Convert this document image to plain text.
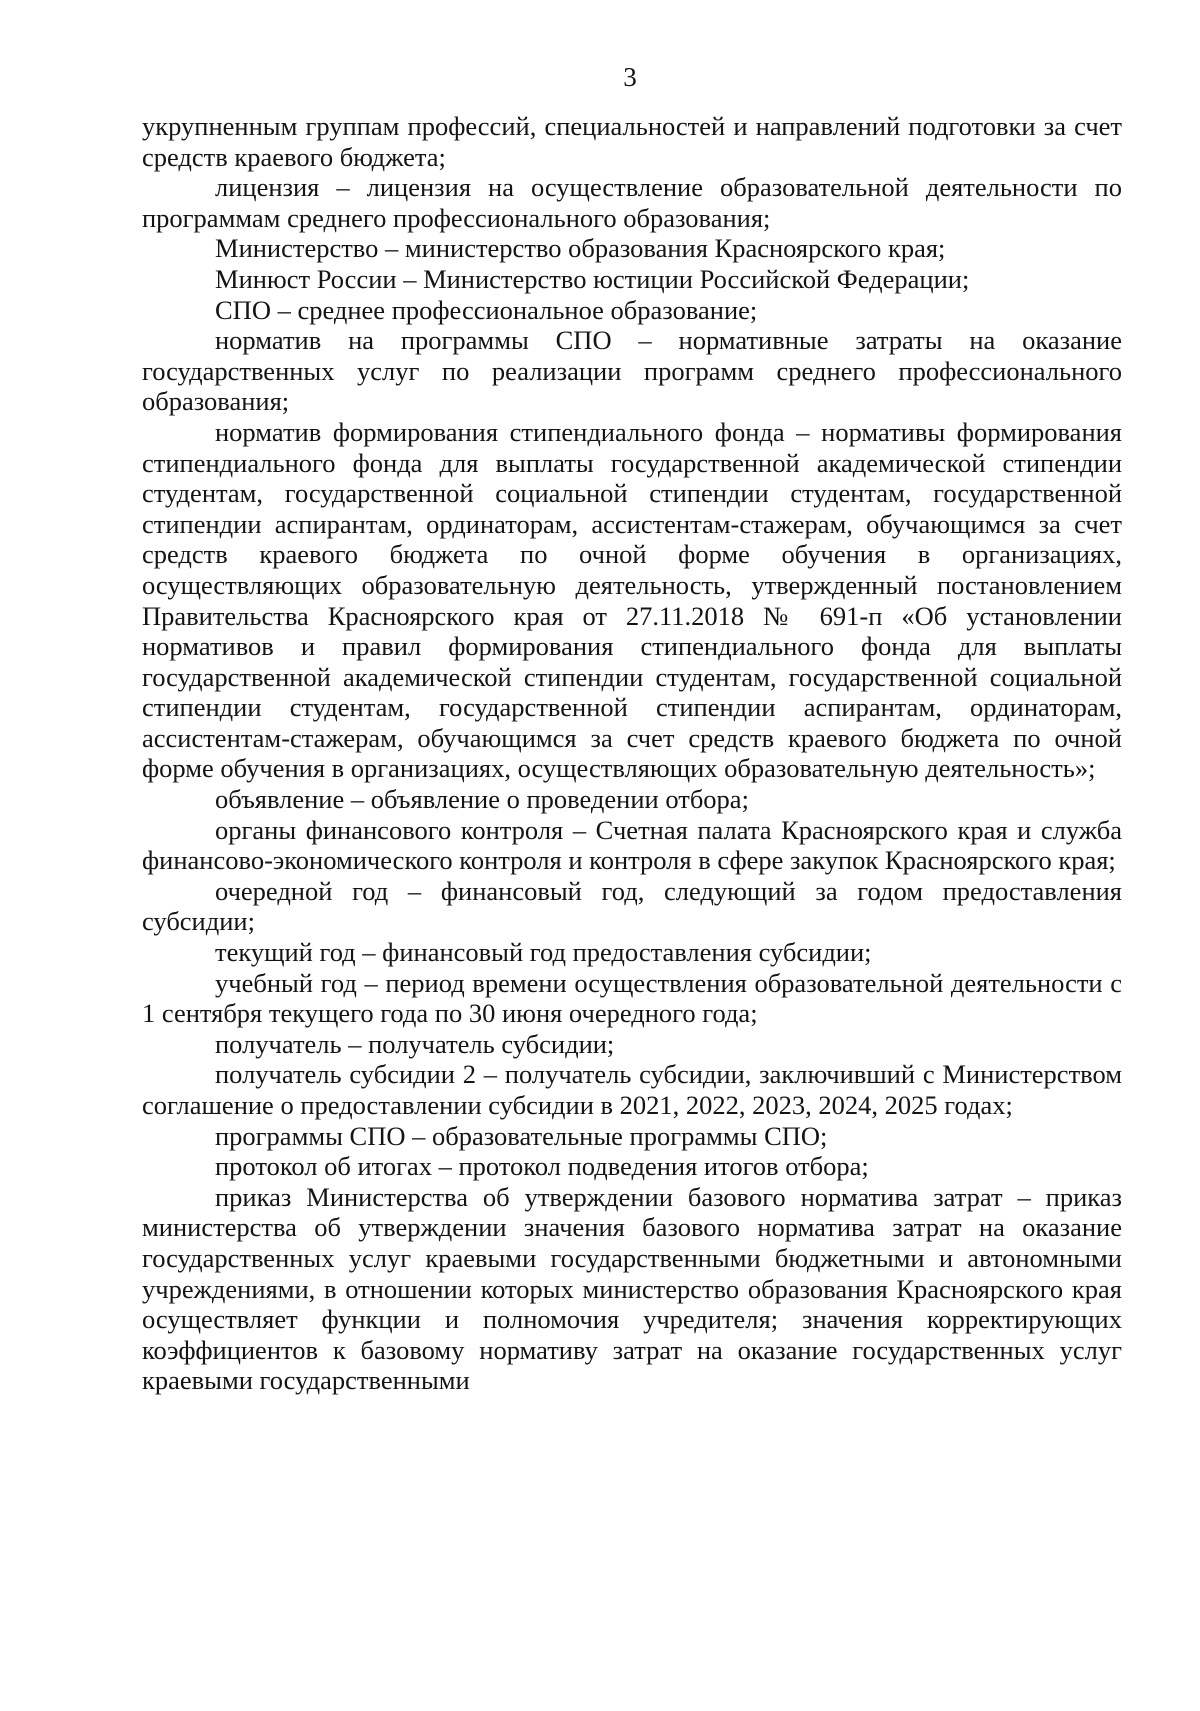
3

укрупненным группам профессий, специальностей и направлений подготовки за счет средств краевого бюджета;

лицензия – лицензия на осуществление образовательной деятельности по программам среднего профессионального образования;

Министерство – министерство образования Красноярского края;

Минюст России – Министерство юстиции Российской Федерации;

СПО – среднее профессиональное образование;

норматив на программы СПО – нормативные затраты на оказание государственных услуг по реализации программ среднего профессионального образования;

норматив формирования стипендиального фонда – нормативы формирования стипендиального фонда для выплаты государственной академической стипендии студентам, государственной социальной стипендии студентам, государственной стипендии аспирантам, ординаторам, ассистентам-стажерам, обучающимся за счет средств краевого бюджета по очной форме обучения в организациях, осуществляющих образовательную деятельность, утвержденный постановлением Правительства Красноярского края от 27.11.2018 № 691-п «Об установлении нормативов и правил формирования стипендиального фонда для выплаты государственной академической стипендии студентам, государственной социальной стипендии студентам, государственной стипендии аспирантам, ординаторам, ассистентам-стажерам, обучающимся за счет средств краевого бюджета по очной форме обучения в организациях, осуществляющих образовательную деятельность»;

объявление – объявление о проведении отбора;

органы финансового контроля – Счетная палата Красноярского края и служба финансово-экономического контроля и контроля в сфере закупок Красноярского края;

очередной год – финансовый год, следующий за годом предоставления субсидии;

текущий год – финансовый год предоставления субсидии;

учебный год – период времени осуществления образовательной деятельности с 1 сентября текущего года по 30 июня очередного года;

получатель – получатель субсидии;

получатель субсидии 2 – получатель субсидии, заключивший с Министерством соглашение о предоставлении субсидии в 2021, 2022, 2023, 2024, 2025 годах;

программы СПО – образовательные программы СПО;

протокол об итогах – протокол подведения итогов отбора;

приказ Министерства об утверждении базового норматива затрат – приказ министерства об утверждении значения базового норматива затрат на оказание государственных услуг краевыми государственными бюджетными и автономными учреждениями, в отношении которых министерство образования Красноярского края осуществляет функции и полномочия учредителя; значения корректирующих коэффициентов к базовому нормативу затрат на оказание государственных услуг краевыми государственными
